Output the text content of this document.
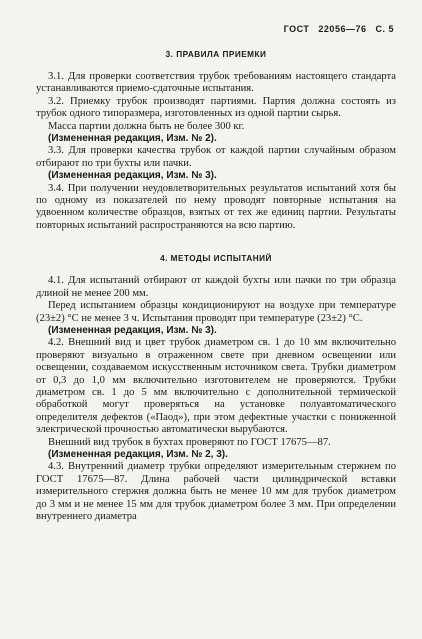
ГОСТ 22056—76 С. 5
3. ПРАВИЛА ПРИЕМКИ

3.1. Для проверки соответствия трубок требованиям настоящего стандарта устанавливаются приемо-сдаточные испытания.

3.2. Приемку трубок производят партиями. Партия должна состоять из трубок одного типоразмера, изготовленных из одной партии сырья.

Масса партии должна быть не более 300 кг.

(Измененная редакция, Изм. № 2).

3.3. Для проверки качества трубок от каждой партии случайным образом отбирают по три бухты или пачки.

(Измененная редакция, Изм. № 3).

3.4. При получении неудовлетворительных результатов испытаний хотя бы по одному из показателей по нему проводят повторные испытания на удвоенном количестве образцов, взятых от тех же единиц партии. Результаты повторных испытаний распространяются на всю партию.

4. МЕТОДЫ ИСПЫТАНИЙ

4.1. Для испытаний отбирают от каждой бухты или пачки по три образца длиной не менее 200 мм.

Перед испытанием образцы кондиционируют на воздухе при температуре (23±2) °С не менее 3 ч. Испытания проводят при температуре (23±2) °С.

(Измененная редакция, Изм. № 3).

4.2. Внешний вид и цвет трубок диаметром св. 1 до 10 мм включительно проверяют визуально в отраженном свете при дневном освещении или освещении, создаваемом искусственным источником света. Трубки диаметром от 0,3 до 1,0 мм включительно изготовителем не проверяются. Трубки диаметром св. 1 до 5 мм включительно с дополнительной термической обработкой могут проверяться на установке полуавтоматического определителя дефектов («Паод»), при этом дефектные участки с пониженной электрической прочностью автоматически вырубаются.

Внешний вид трубок в бухтах проверяют по ГОСТ 17675—87.

(Измененная редакция, Изм. № 2, 3).

4.3. Внутренний диаметр трубки определяют измерительным стержнем по ГОСТ 17675—87. Длина рабочей части цилиндрической вставки измерительного стержня должна быть не менее 10 мм для трубок диаметром до 3 мм и не менее 15 мм для трубок диаметром более 3 мм. При определении внутреннего диаметра
